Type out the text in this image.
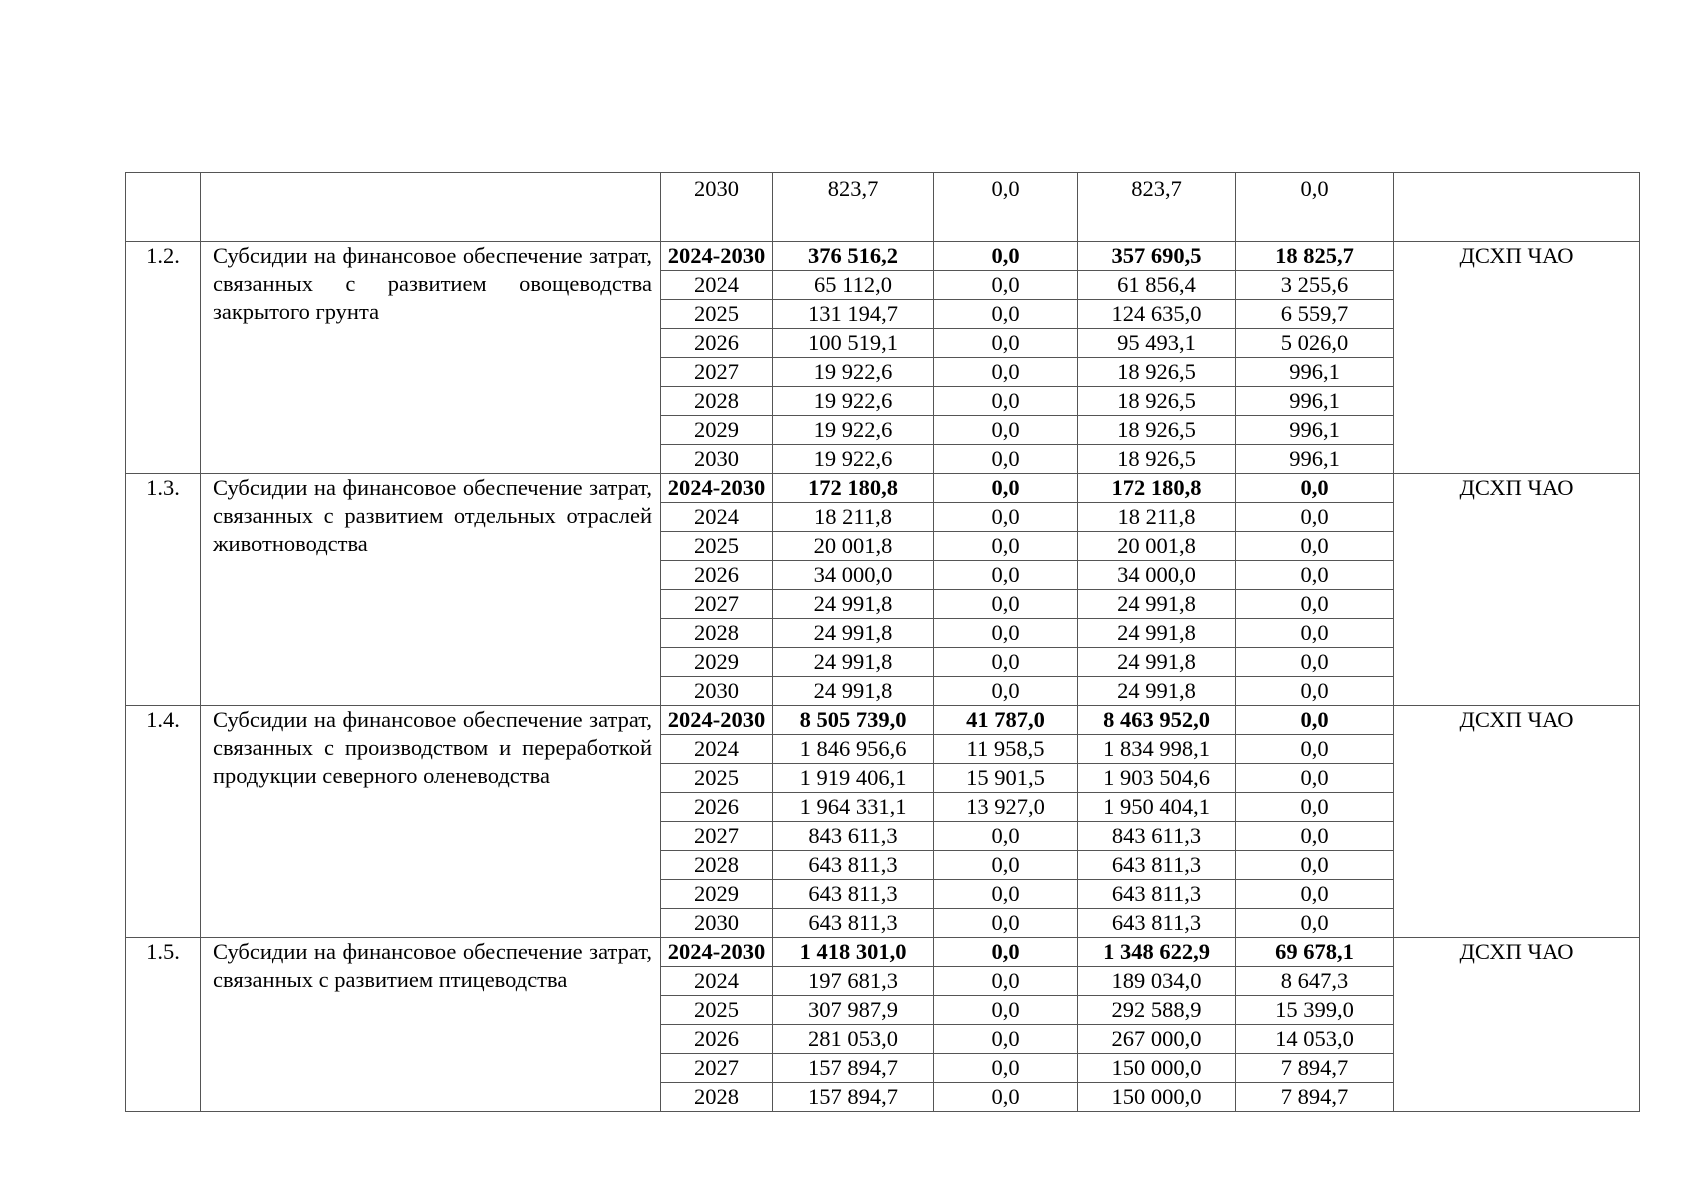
		2030	823,7	0,0	823,7	0,0	
1.2.	Субсидии на финансовое обеспечение затрат, связанных с развитием овощеводства закрытого грунта	2024-2030	376 516,2	0,0	357 690,5	18 825,7	ДСХП ЧАО
		2024	65 112,0	0,0	61 856,4	3 255,6	
		2025	131 194,7	0,0	124 635,0	6 559,7	
		2026	100 519,1	0,0	95 493,1	5 026,0	
		2027	19 922,6	0,0	18 926,5	996,1	
		2028	19 922,6	0,0	18 926,5	996,1	
		2029	19 922,6	0,0	18 926,5	996,1	
		2030	19 922,6	0,0	18 926,5	996,1	
1.3.	Субсидии на финансовое обеспечение затрат, связанных с развитием отдельных отраслей животноводства	2024-2030	172 180,8	0,0	172 180,8	0,0	ДСХП ЧАО
		2024	18 211,8	0,0	18 211,8	0,0	
		2025	20 001,8	0,0	20 001,8	0,0	
		2026	34 000,0	0,0	34 000,0	0,0	
		2027	24 991,8	0,0	24 991,8	0,0	
		2028	24 991,8	0,0	24 991,8	0,0	
		2029	24 991,8	0,0	24 991,8	0,0	
		2030	24 991,8	0,0	24 991,8	0,0	
1.4.	Субсидии на финансовое обеспечение затрат, связанных с производством и переработкой продукции северного оленеводства	2024-2030	8 505 739,0	41 787,0	8 463 952,0	0,0	ДСХП ЧАО
		2024	1 846 956,6	11 958,5	1 834 998,1	0,0	
		2025	1 919 406,1	15 901,5	1 903 504,6	0,0	
		2026	1 964 331,1	13 927,0	1 950 404,1	0,0	
		2027	843 611,3	0,0	843 611,3	0,0	
		2028	643 811,3	0,0	643 811,3	0,0	
		2029	643 811,3	0,0	643 811,3	0,0	
		2030	643 811,3	0,0	643 811,3	0,0	
1.5.	Субсидии на финансовое обеспечение затрат, связанных с развитием птицеводства	2024-2030	1 418 301,0	0,0	1 348 622,9	69 678,1	ДСХП ЧАО
		2024	197 681,3	0,0	189 034,0	8 647,3	
		2025	307 987,9	0,0	292 588,9	15 399,0	
		2026	281 053,0	0,0	267 000,0	14 053,0	
		2027	157 894,7	0,0	150 000,0	7 894,7	
		2028	157 894,7	0,0	150 000,0	7 894,7	
